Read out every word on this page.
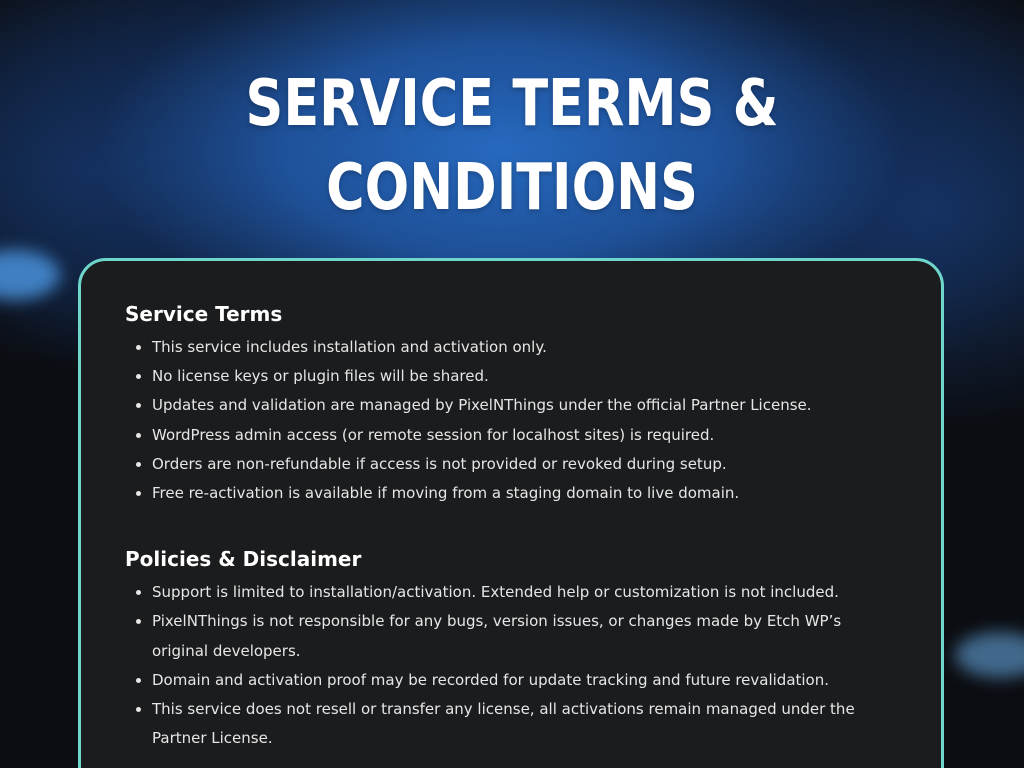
SERVICE TERMS &
CONDITIONS
Service Terms
This service includes installation and activation only.
No license keys or plugin files will be shared.
Updates and validation are managed by PixelNThings under the official Partner License.
WordPress admin access (or remote session for localhost sites) is required.
Orders are non-refundable if access is not provided or revoked during setup.
Free re-activation is available if moving from a staging domain to live domain.
Policies & Disclaimer
Support is limited to installation/activation. Extended help or customization is not included.
PixelNThings is not responsible for any bugs, version issues, or changes made by Etch WP’s original developers.
Domain and activation proof may be recorded for update tracking and future revalidation.
This service does not resell or transfer any license, all activations remain managed under the Partner License.
